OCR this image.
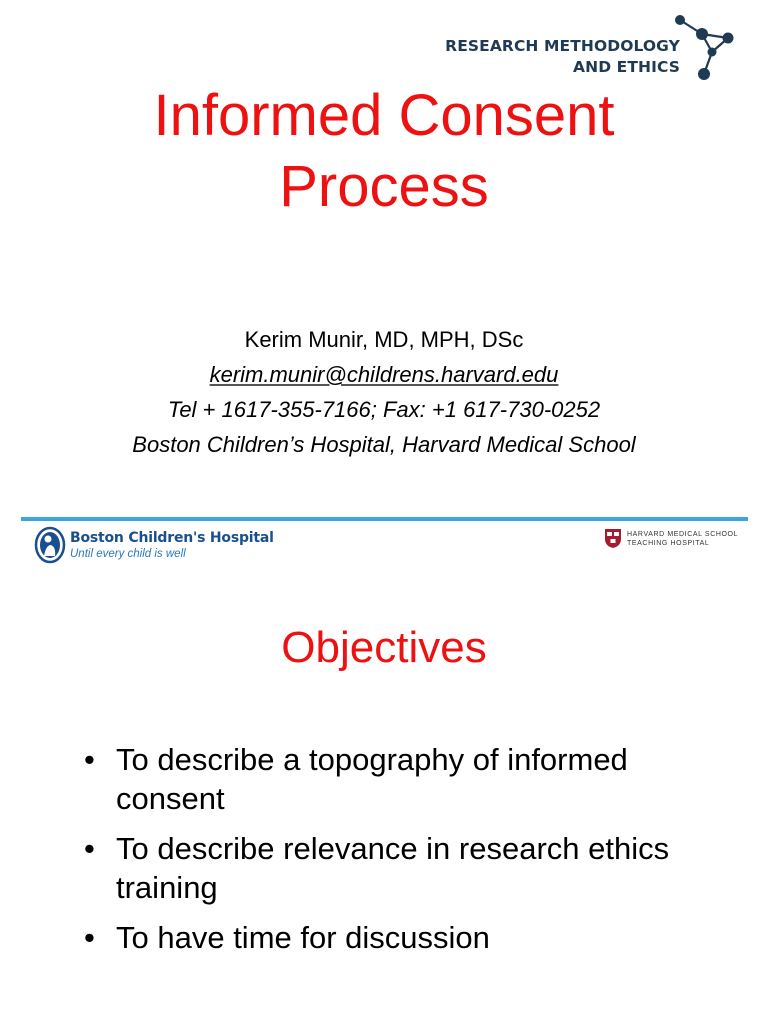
RESEARCH METHODOLOGY
AND ETHICS
Informed Consent
Process
Kerim Munir, MD, MPH, DSc
kerim.munir@childrens.harvard.edu
Tel + 1617-355-7166; Fax: +1 617-730-0252
Boston Children’s Hospital, Harvard Medical School
Boston Children's Hospital
Until every child is well
HARVARD MEDICAL SCHOOL
TEACHING HOSPITAL
Objectives
• To describe a topography of informed consent
• To describe relevance in research ethics training
• To have time for discussion
